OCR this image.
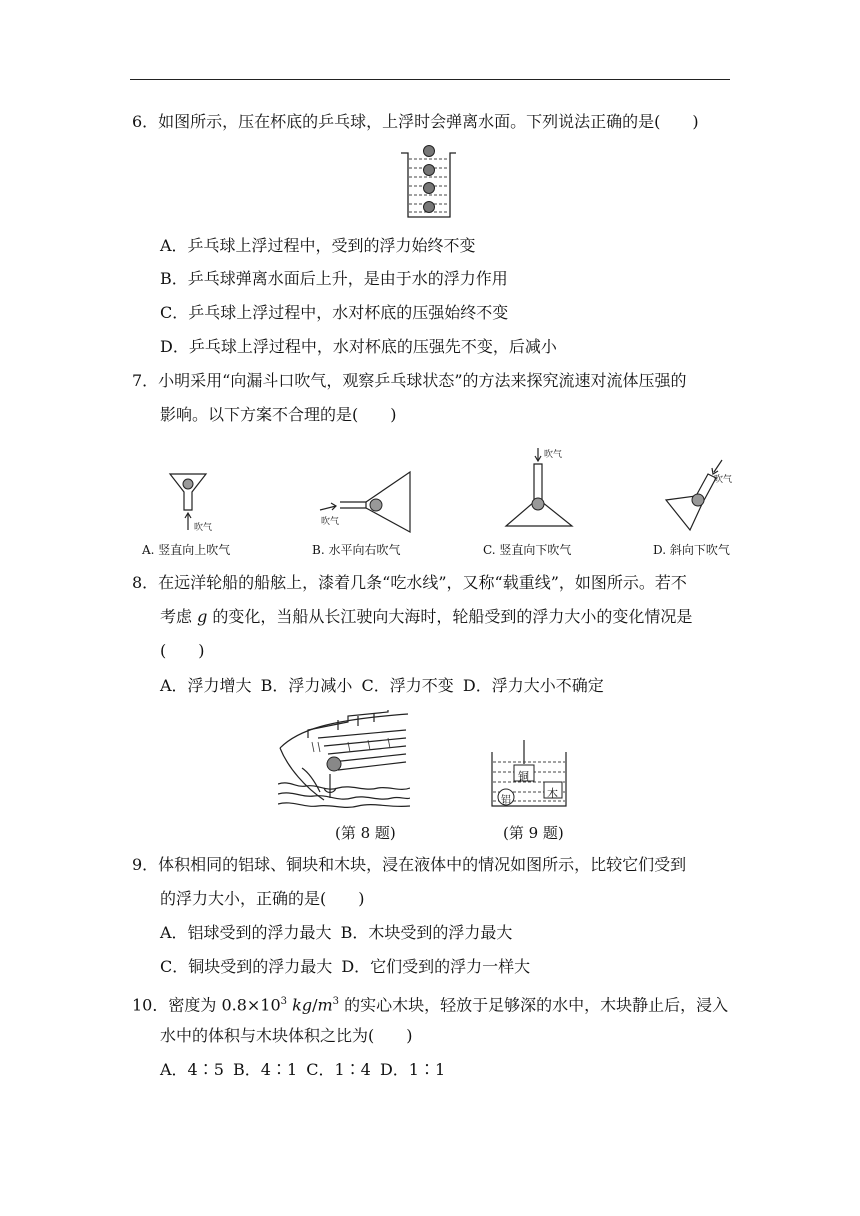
6．如图所示，压在杯底的乒乓球，上浮时会弹离水面。下列说法正确的是(　　)
A．乒乓球上浮过程中，受到的浮力始终不变
B．乒乓球弹离水面后上升，是由于水的浮力作用
C．乒乓球上浮过程中，水对杯底的压强始终不变
D．乒乓球上浮过程中，水对杯底的压强先不变，后减小
7．小明采用“向漏斗口吹气，观察乒乓球状态”的方法来探究流速对流体压强的
影响。以下方案不合理的是(　　)
吹气
A. 竖直向上吹气
吹气
B. 水平向右吹气
吹气
C. 竖直向下吹气
吹气
D. 斜向下吹气
8．在远洋轮船的船舷上，漆着几条“吃水线”，又称“载重线”，如图所示。若不
考虑 g 的变化，当船从长江驶向大海时，轮船受到的浮力大小的变化情况是
(　　)
A．浮力增大 B．浮力减小 C．浮力不变 D．浮力大小不确定
(第 8 题)
铜
木
铝
(第 9 题)
9．体积相同的铝球、铜块和木块，浸在液体中的情况如图所示，比较它们受到
的浮力大小，正确的是(　　)
A．铝球受到的浮力最大 B．木块受到的浮力最大
C．铜块受到的浮力最大 D．它们受到的浮力一样大
10．密度为 $0.8\times 10^3$ $kg/m^3$ 的实心木块，轻放于足够深的水中，木块静止后，浸入
水中的体积与木块体积之比为(　　)
A．4∶5 B．4∶1 C．1∶4 D．1∶1
